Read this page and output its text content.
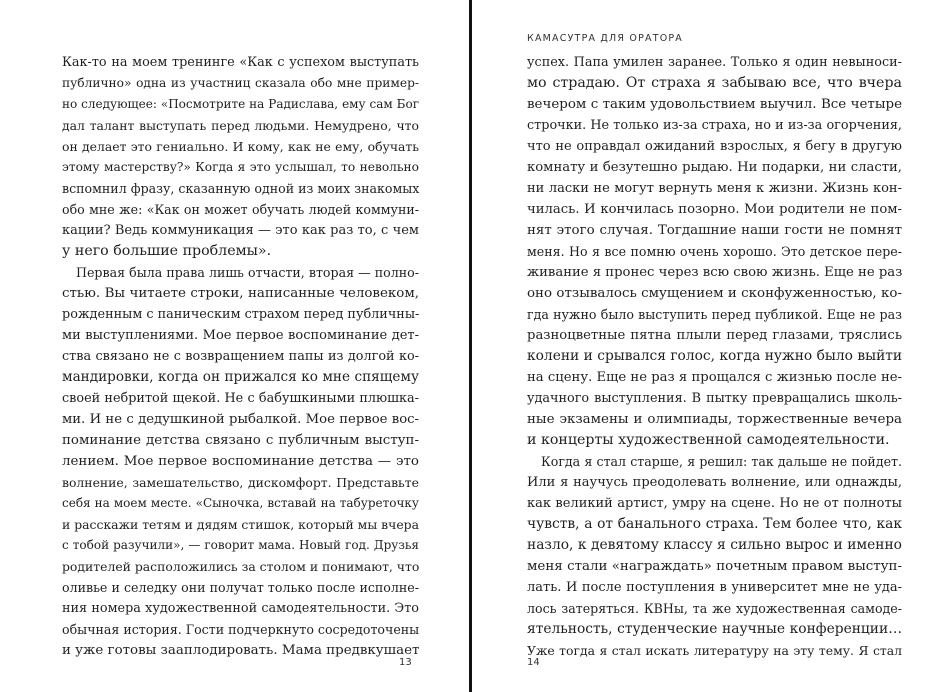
Как-то на моем тренинге «Как с успехом выступать
публично» одна из участниц сказала обо мне пример-
но следующее: «Посмотрите на Радислава, ему сам Бог
дал талант выступать перед людьми. Немудрено, что
он делает это гениально. И кому, как не ему, обучать
этому мастерству?» Когда я это услышал, то невольно
вспомнил фразу, сказанную одной из моих знакомых
обо мне же: «Как он может обучать людей коммуни-
кации? Ведь коммуникация — это как раз то, с чем
у него большие проблемы».
Первая была права лишь отчасти, вторая — полно-
стью. Вы читаете строки, написанные человеком,
рожденным с паническим страхом перед публичны-
ми выступлениями. Мое первое воспоминание дет-
ства связано не с возвращением папы из долгой ко-
мандировки, когда он прижался ко мне спящему
своей небритой щекой. Не с бабушкиными плюшка-
ми. И не с дедушкиной рыбалкой. Мое первое вос-
поминание детства связано с публичным выступ-
лением. Мое первое воспоминание детства — это
волнение, замешательство, дискомфорт. Представьте
себя на моем месте. «Сыночка, вставай на табуреточку
и расскажи тетям и дядям стишок, который мы вчера
с тобой разучили», — говорит мама. Новый год. Друзья
родителей расположились за столом и понимают, что
оливье и селедку они получат только после исполне-
ния номера художественной самодеятельности. Это
обычная история. Гости подчеркнуто сосредоточены
и уже готовы зааплодировать. Мама предвкушает
13
КАМАСУТРА ДЛЯ ОРАТОРА
успех. Папа умилен заранее. Только я один невыноси-
мо страдаю. От страха я забываю все, что вчера
вечером с таким удовольствием выучил. Все четыре
строчки. Не только из-за страха, но и из-за огорчения,
что не оправдал ожиданий взрослых, я бегу в другую
комнату и безутешно рыдаю. Ни подарки, ни сласти,
ни ласки не могут вернуть меня к жизни. Жизнь кон-
чилась. И кончилась позорно. Мои родители не пом-
нят этого случая. Тогдашние наши гости не помнят
меня. Но я все помню очень хорошо. Это детское пере-
живание я пронес через всю свою жизнь. Еще не раз
оно отзывалось смущением и сконфуженностью, ко-
гда нужно было выступить перед публикой. Еще не раз
разноцветные пятна плыли перед глазами, тряслись
колени и срывался голос, когда нужно было выйти
на сцену. Еще не раз я прощался с жизнью после не-
удачного выступления. В пытку превращались школь-
ные экзамены и олимпиады, торжественные вечера
и концерты художественной самодеятельности.
Когда я стал старше, я решил: так дальше не пойдет.
Или я научусь преодолевать волнение, или однажды,
как великий артист, умру на сцене. Но не от полноты
чувств, а от банального страха. Тем более что, как
назло, к девятому классу я сильно вырос и именно
меня стали «награждать» почетным правом выступ-
лать. И после поступления в университет мне не уда-
лось затеряться. КВНы, та же художественная самоде-
ятельность, студенческие научные конференции…
Уже тогда я стал искать литературу на эту тему. Я стал
14
